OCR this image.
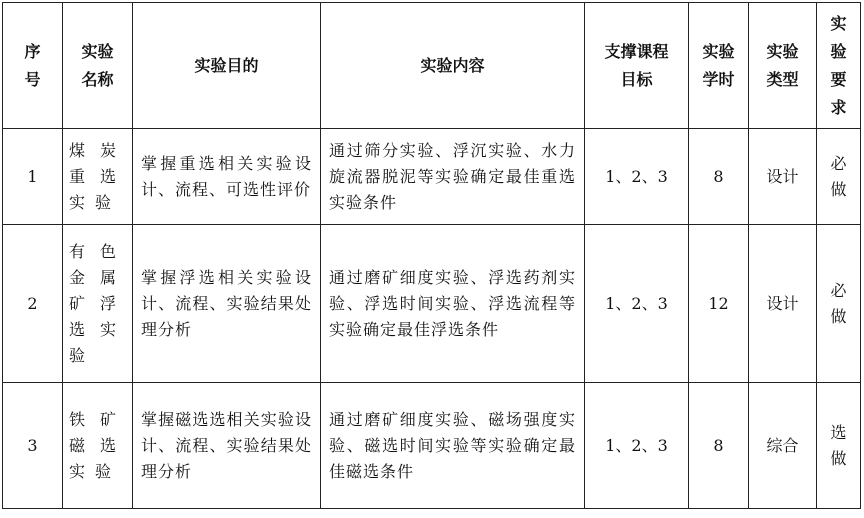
序号	实验名称	实验目的	实验内容	支撑课程目标	实验学时	实验类型	实验要求

1	煤炭重选实验	掌握重选相关实验设计、流程、可选性评价	通过筛分实验、浮沉实验、水力旋流器脱泥等实验确定最佳重选实验条件	1、2、3	8	设计	必做

2	有色金属矿浮选实验	掌握浮选相关实验设计、流程、实验结果处理分析	通过磨矿细度实验、浮选药剂实验、浮选时间实验、浮选流程等实验确定最佳浮选条件	1、2、3	12	设计	必做

3	铁矿磁选实验	掌握磁选选相关实验设计、流程、实验结果处理分析	通过磨矿细度实验、磁场强度实验、磁选时间实验等实验确定最佳磁选条件	1、2、3	8	综合	选做
